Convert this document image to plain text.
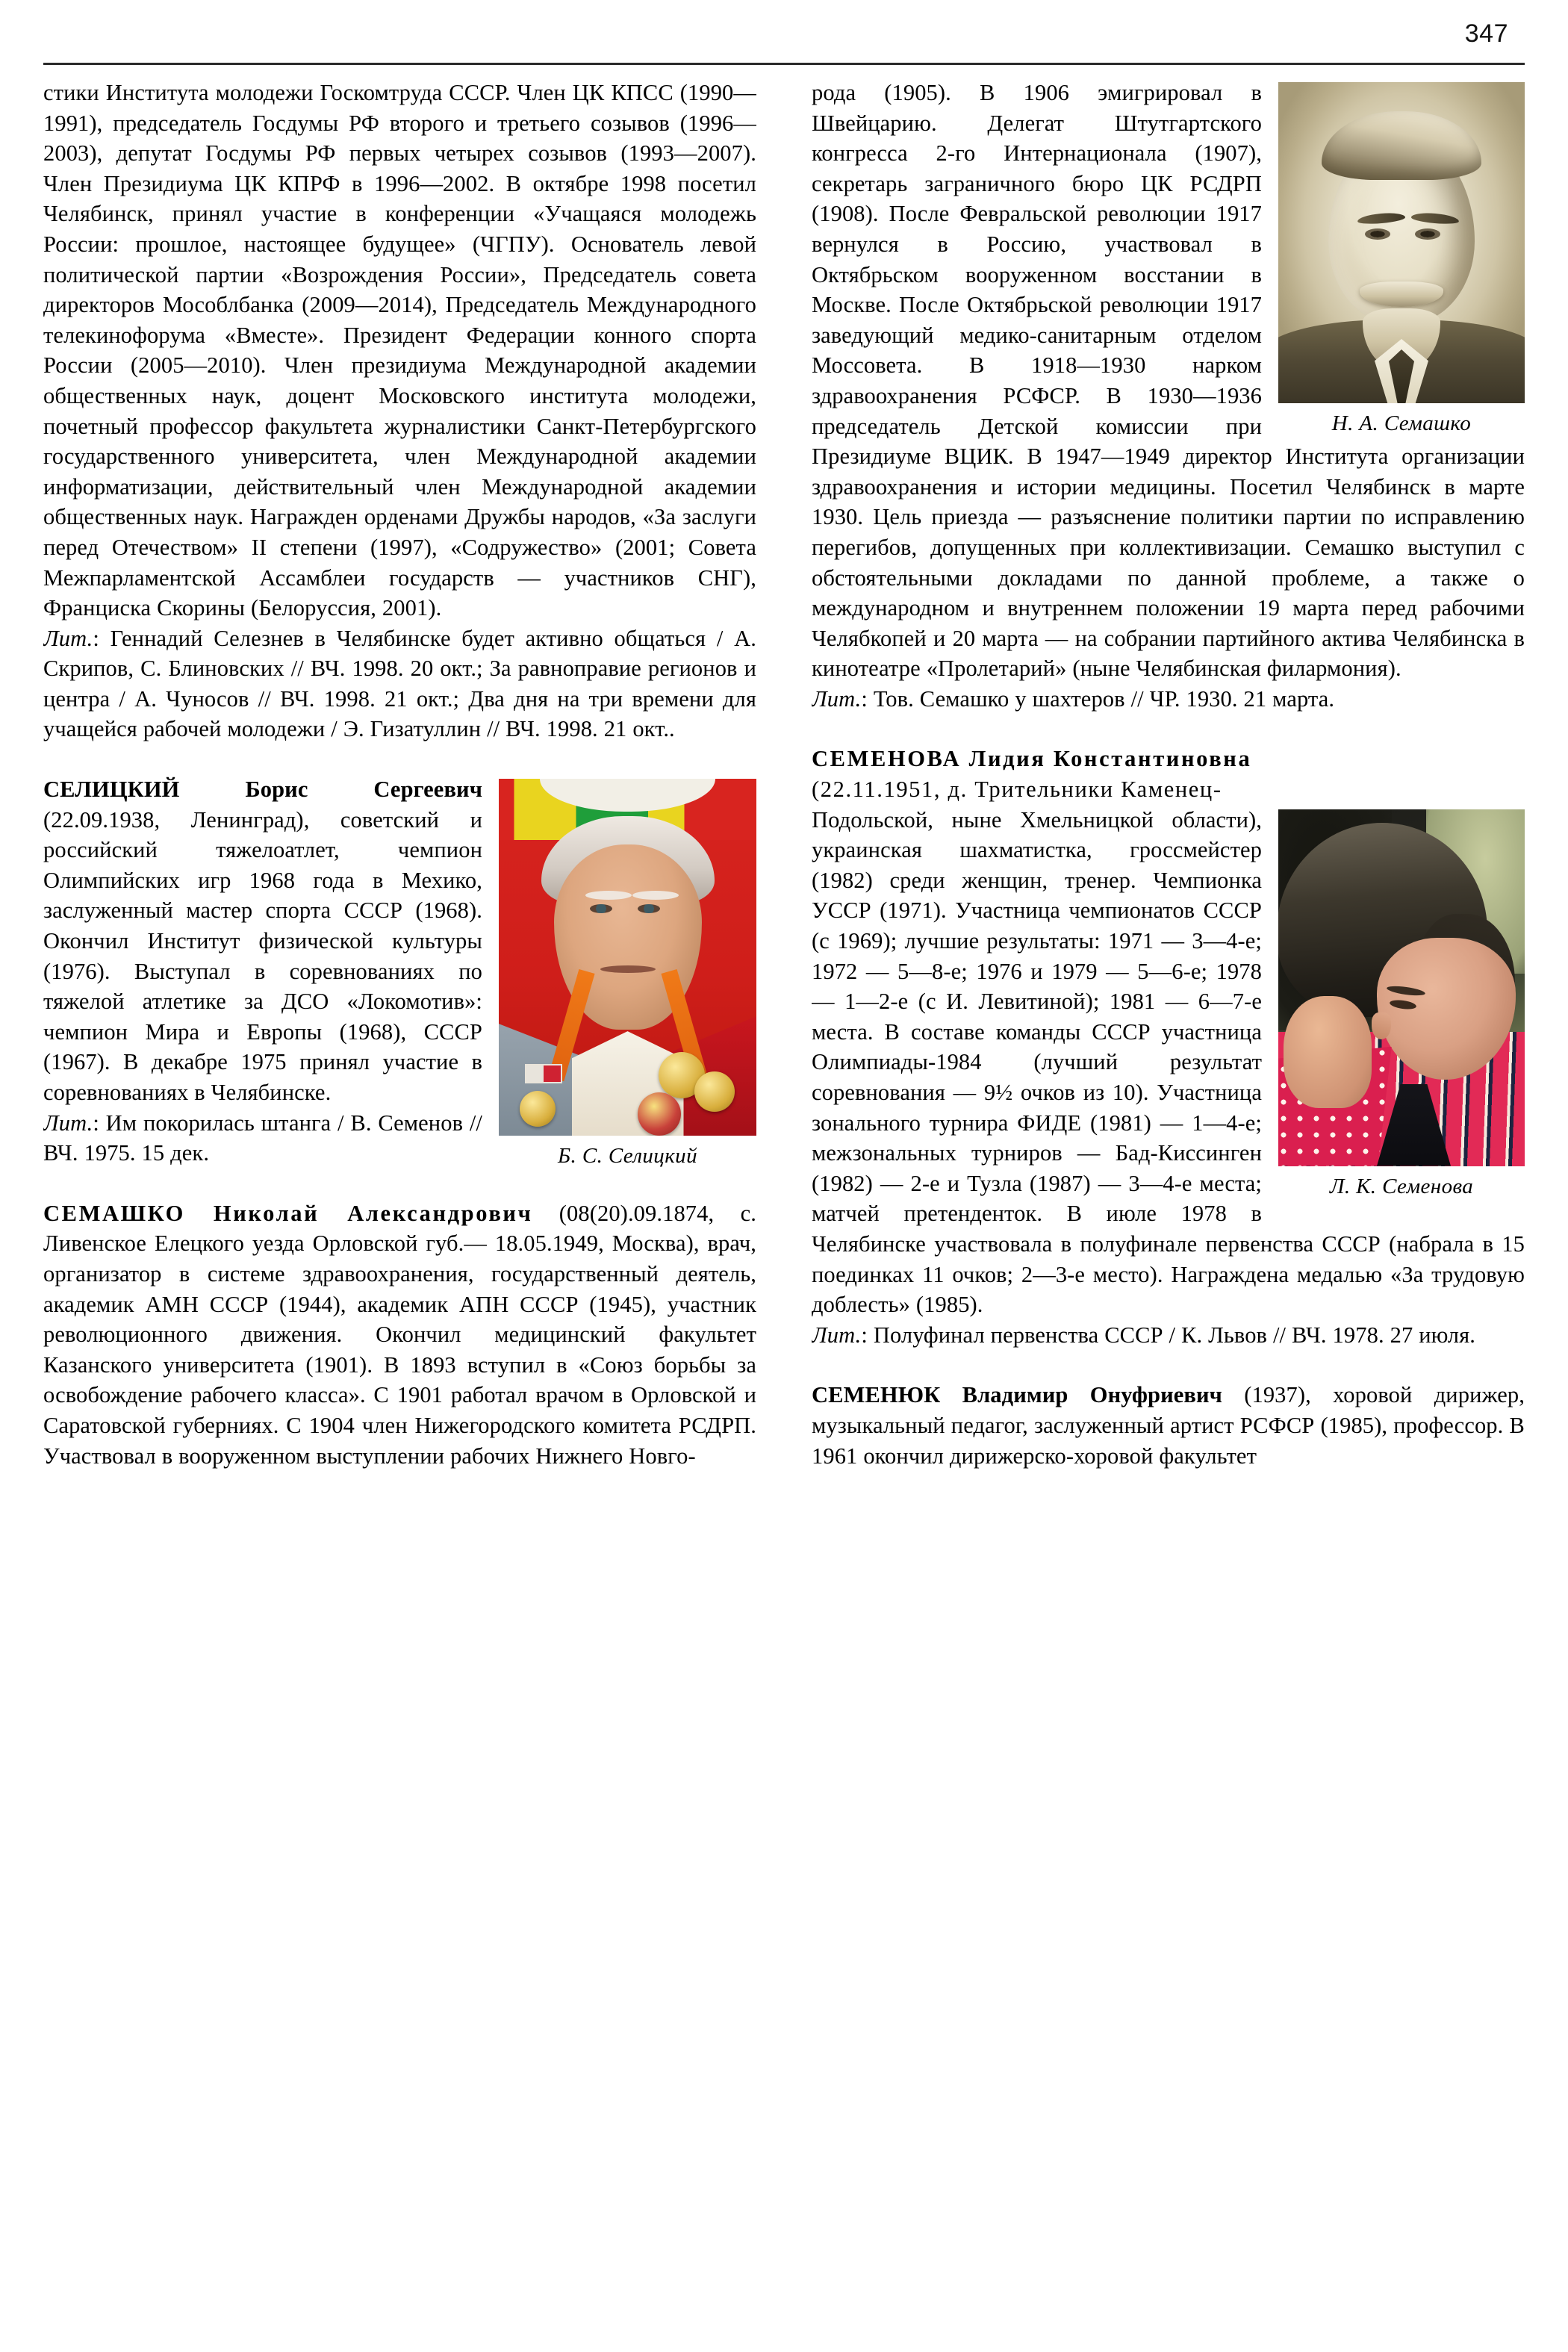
347

стики Института молодежи Госкомтруда СССР. Член ЦК КПСС (1990—1991), председатель Госдумы РФ второго и третьего созывов (1996—2003), депутат Госдумы РФ первых четырех созывов (1993—2007). Член Президиума ЦК КПРФ в 1996—2002. В октябре 1998 посетил Челябинск, принял участие в конференции «Учащаяся молодежь России: прошлое, настоящее будущее» (ЧГПУ). Основатель левой политической партии «Возрождения России», Председатель совета директоров Мособлбанка (2009—2014), Председатель Международного телекинофорума «Вместе». Президент Федерации конного спорта России (2005—2010). Член президиума Международной академии общественных наук, доцент Московского института молодежи, почетный профессор факультета журналистики Санкт-Петербургского государственного университета, член Международной академии информатизации, действительный член Международной академии общественных наук. Награжден орденами Дружбы народов, «За заслуги перед Отечеством» II степени (1997), «Содружество» (2001; Совета Межпарламентской Ассамблеи государств — участников СНГ), Франциска Скорины (Белоруссия, 2001).

Лит.: Геннадий Селезнев в Челябинске будет активно общаться / А. Скрипов, С. Блиновских // ВЧ. 1998. 20 окт.; За равноправие регионов и центра / А. Чуносов // ВЧ. 1998. 21 окт.; Два дня на три времени для учащейся рабочей молодежи / Э. Гизатуллин // ВЧ. 1998. 21 окт..

Б. С. Селицкий

СЕЛИЦКИЙ	Борис Сергеевич (22.09.1938, Ленинград), советский и российский тяжелоатлет, чемпион Олимпийских игр 1968 года в Мехико, заслуженный мастер спорта СССР (1968). Окончил Институт физической культуры (1976). Выступал в соревнованиях по тяжелой атлетике за ДСО «Локомотив»: чемпион Мира и Европы (1968), СССР (1967). В декабре 1975 принял участие в соревнованиях в Челябинске.

Лит.: Им покорилась штанга / В. Семенов // ВЧ. 1975. 15 дек.

СЕМАШКО Николай Александрович (08(20).09.1874, с. Ливенское Елецкого уезда Орловской губ.— 18.05.1949, Москва), врач, организатор в системе здравоохранения, государственный деятель, академик АМН СССР (1944), академик АПН СССР (1945), участник революционного движения. Окончил медицинский факультет Казанского университета (1901). В 1893 вступил в «Союз борьбы за освобождение рабочего класса». С 1901 работал врачом в Орловской и Саратовской губерниях. С 1904 член Нижегородского комитета РСДРП. Участвовал в вооруженном выступлении рабочих Нижнего Новго-

Н. А. Семашко

рода (1905). В 1906 эмигрировал в Швейцарию. Делегат Штутгартского конгресса 2-го Интернационала (1907), секретарь заграничного бюро ЦК РСДРП (1908). После Февральской революции 1917 вернулся в Россию, участвовал в Октябрьском вооруженном восстании в Москве. После Октябрьской революции 1917 заведующий медико-санитарным отделом Моссовета. В 1918—1930 нарком здравоохранения РСФСР. В 1930—1936 председатель Детской комиссии при Президиуме ВЦИК. В 1947—1949 директор Института организации здравоохранения и истории медицины. Посетил Челябинск в марте 1930. Цель приезда — разъяснение политики партии по исправлению перегибов, допущенных при коллективизации. Семашко выступил с обстоятельными докладами по данной проблеме, а также о международном и внутреннем положении 19 марта перед рабочими Челябкопей и 20 марта — на собрании партийного актива Челябинска в кинотеатре «Пролетарий» (ныне Челябинская филармония).

Лит.: Тов. Семашко у шахтеров // ЧР. 1930. 21 марта.

СЕМЕНОВА Лидия Константиновна

(22.11.1951, д. Тритeльники Каменец-

Л. К. Семенова

Подольской, ныне Хмельницкой области), украинская шахматистка, гроссмейстер (1982) среди женщин, тренер. Чемпионка УССР (1971). Участница чемпионатов СССР (с 1969); лучшие результаты: 1971 — 3—4-е; 1972 — 5—8-е; 1976 и 1979 — 5—6-е; 1978 — 1—2-е (с И. Левитиной); 1981 — 6—7-е места. В составе команды СССР участница Олимпиады-1984 (лучший результат соревнования — 9½ очков из 10). Участница зонального турнира ФИДЕ (1981) — 1—4-е; межзональных турниров — Бад-Киссинген (1982) — 2-е и Тузла (1987) — 3—4-е места; матчей претенденток. В июле 1978 в Челябинске участвовала в полуфинале первенства СССР (набрала в 15 поединках 11 очков; 2—3-е место). Награждена медалью «За трудовую доблесть» (1985).

Лит.: Полуфинал первенства СССР / К. Львов // ВЧ. 1978. 27 июля.

СЕМЕНЮК Владимир Онуфриевич (1937), хоровой дирижер, музыкальный педагог, заслуженный артист РСФСР (1985), профессор. В 1961 окончил дирижерско-хоровой факультет
